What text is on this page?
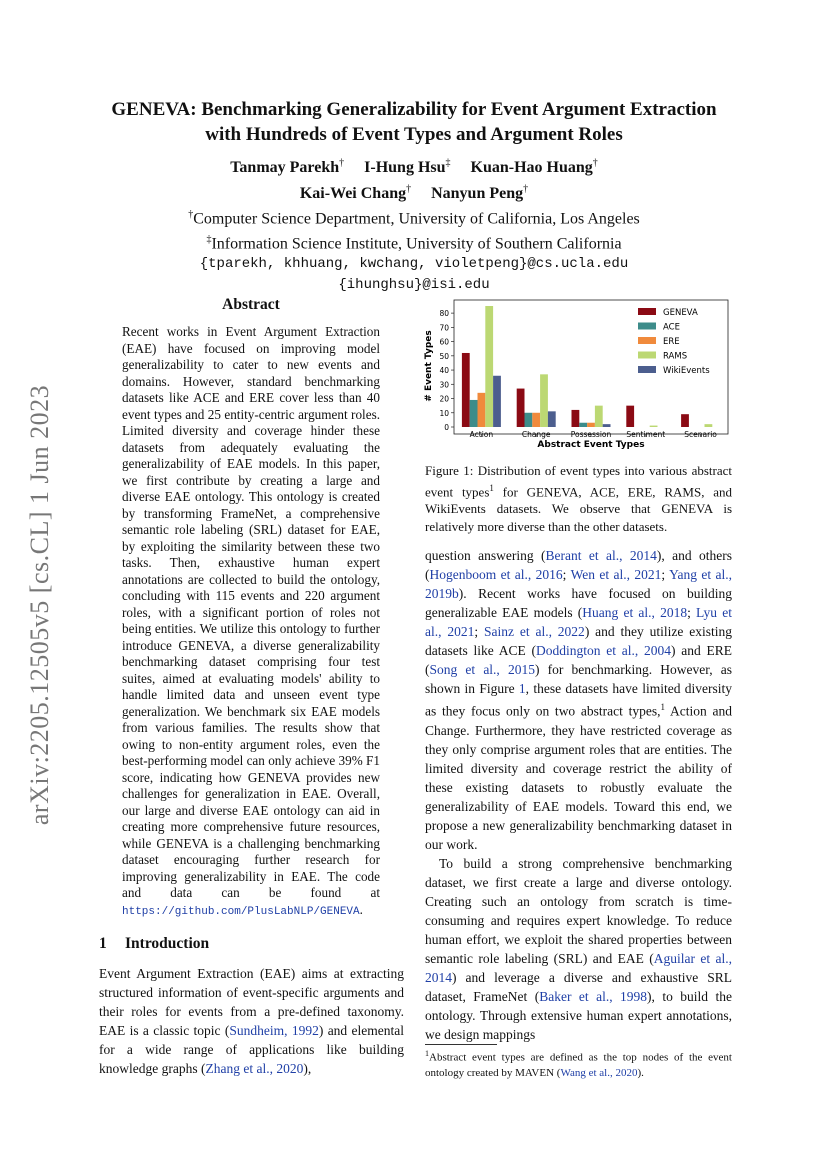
arXiv:2205.12505v5 [cs.CL] 1 Jun 2023
GENEVA: Benchmarking Generalizability for Event Argument Extraction
with Hundreds of Event Types and Argument Roles
Tanmay Parekh† I-Hung Hsu‡ Kuan-Hao Huang†
Kai-Wei Chang† Nanyun Peng†
†Computer Science Department, University of California, Los Angeles
‡Information Science Institute, University of Southern California
{tparekh, khhuang, kwchang, violetpeng}@cs.ucla.edu
{ihunghsu}@isi.edu
Abstract

Recent works in Event Argument Extraction (EAE) have focused on improving model generalizability to cater to new events and domains. However, standard benchmarking datasets like ACE and ERE cover less than 40 event types and 25 entity-centric argument roles. Limited diversity and coverage hinder these datasets from adequately evaluating the generalizability of EAE models. In this paper, we first contribute by creating a large and diverse EAE ontology. This ontology is created by transforming FrameNet, a comprehensive semantic role labeling (SRL) dataset for EAE, by exploiting the similarity between these two tasks. Then, exhaustive human expert annotations are collected to build the ontology, concluding with 115 events and 220 argument roles, with a significant portion of roles not being entities. We utilize this ontology to further introduce GENEVA, a diverse generalizability benchmarking dataset comprising four test suites, aimed at evaluating models' ability to handle limited data and unseen event type generalization. We benchmark six EAE models from various families. The results show that owing to non-entity argument roles, even the best-performing model can only achieve 39% F1 score, indicating how GENEVA provides new challenges for generalization in EAE. Overall, our large and diverse EAE ontology can aid in creating more comprehensive future resources, while GENEVA is a challenging benchmarking dataset encouraging further research for improving generalizability in EAE. The code and data can be found at https://github.com/PlusLabNLP/GENEVA.

1 Introduction

Event Argument Extraction (EAE) aims at extracting structured information of event-specific arguments and their roles for events from a pre-defined taxonomy. EAE is a classic topic (Sundheim, 1992) and elemental for a wide range of applications like building knowledge graphs (Zhang et al., 2020),

0
10
20
30
40
50
60
70
80
Action	Change	Possession Sentiment	Scenario
# Event Types
Abstract Event Types
GENEVA
ACE
ERE
RAMS
WikiEvents

Figure 1: Distribution of event types into various abstract event types$^1$ for GENEVA, ACE, ERE, RAMS, and WikiEvents datasets. We observe that GENEVA is relatively more diverse than the other datasets.

question answering (Berant et al., 2014), and others (Hogenboom et al., 2016; Wen et al., 2021; Yang et al., 2019b). Recent works have focused on building generalizable EAE models (Huang et al., 2018; Lyu et al., 2021; Sainz et al., 2022) and they utilize existing datasets like ACE (Doddington et al., 2004) and ERE (Song et al., 2015) for benchmarking. However, as shown in Figure 1, these datasets have limited diversity as they focus only on two abstract types,$^1$ Action and Change. Furthermore, they have restricted coverage as they only comprise argument roles that are entities. The limited diversity and coverage restrict the ability of these existing datasets to robustly evaluate the generalizability of EAE models. Toward this end, we propose a new generalizability benchmarking dataset in our work.

To build a strong comprehensive benchmarking dataset, we first create a large and diverse ontology. Creating such an ontology from scratch is time-consuming and requires expert knowledge. To reduce human effort, we exploit the shared properties between semantic role labeling (SRL) and EAE (Aguilar et al., 2014) and leverage a diverse and exhaustive SRL dataset, FrameNet (Baker et al., 1998), to build the ontology. Through extensive human expert annotations, we design mappings

$^1$Abstract event types are defined as the top nodes of the event ontology created by MAVEN (Wang et al., 2020).
